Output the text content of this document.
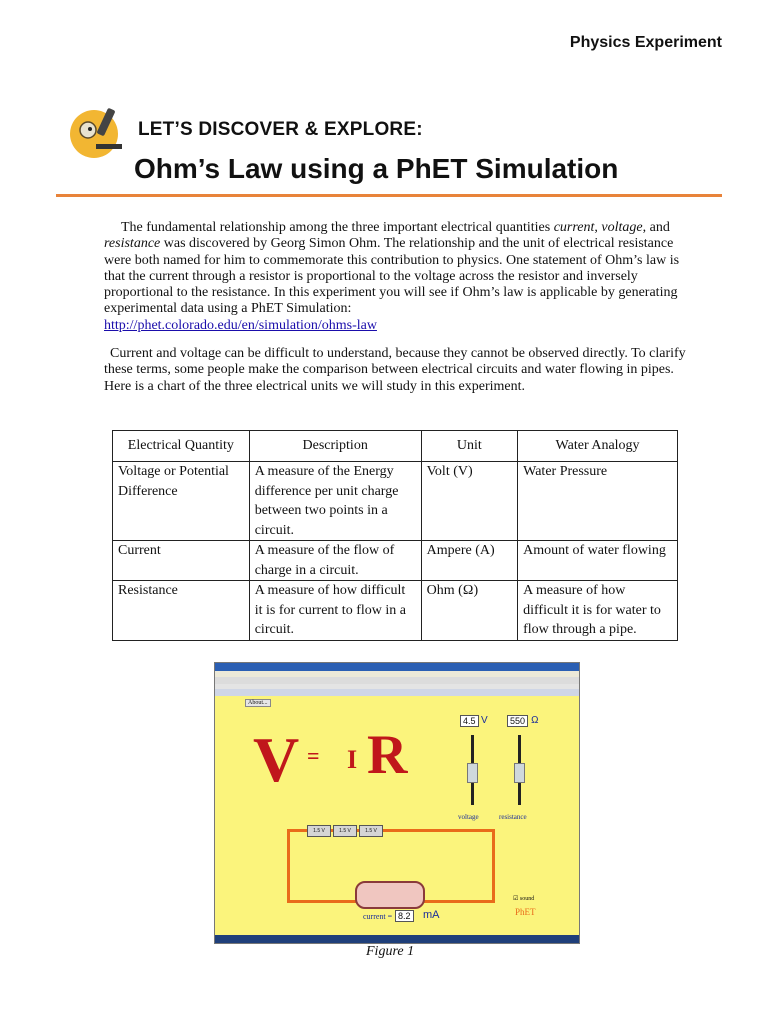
Physics Experiment
LET’S DISCOVER & EXPLORE:
Ohm’s Law using a PhET Simulation
The fundamental relationship among the three important electrical quantities current, voltage, and resistance was discovered by Georg Simon Ohm. The relationship and the unit of electrical resistance were both named for him to commemorate this contribution to physics. One statement of Ohm’s law is that the current through a resistor is proportional to the voltage across the resistor and inversely proportional to the resistance. In this experiment you will see if Ohm’s law is applicable by generating experimental data using a PhET Simulation:
http://phet.colorado.edu/en/simulation/ohms-law
Current and voltage can be difficult to understand, because they cannot be observed directly. To clarify these terms, some people make the comparison between electrical circuits and water flowing in pipes. Here is a chart of the three electrical units we will study in this experiment.
Electrical Quantity	Description	Unit	Water Analogy
Voltage or Potential Difference	A measure of the Energy difference per unit charge between two points in a circuit.	Volt (V)	Water Pressure
Current	A measure of the flow of charge in a circuit.	Ampere (A)	Amount of water flowing
Resistance	A measure of how difficult it is for current to flow in a circuit.	Ohm (Ω)	A measure of how difficult it is for water to flow through a pipe.
About...
V = I R
4.5 V	550 Ω
voltage	resistance
1.5 V	1.5 V	1.5 V
current = 8.2 mA
☑ sound
PhET
Figure 1
